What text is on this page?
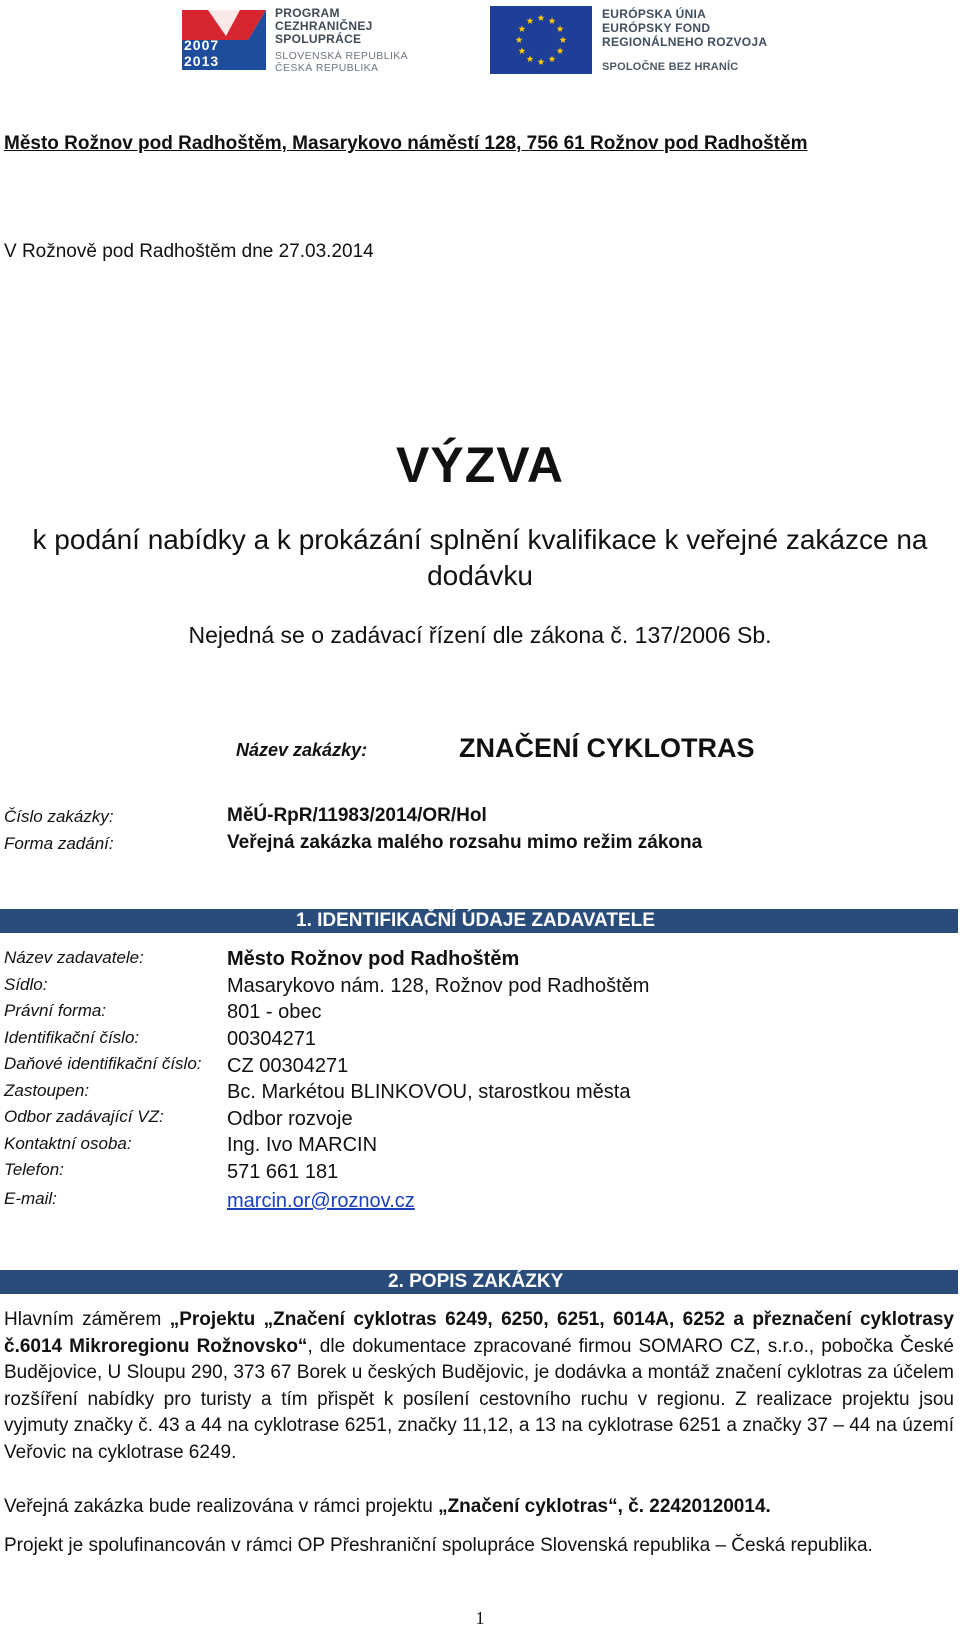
2007
2013
PROGRAM
CEZHRANIČNEJ
SPOLUPRÁCE
SLOVENSKÁ REPUBLIKA
ČESKÁ REPUBLIKA
EURÓPSKA ÚNIA
EURÓPSKY FOND
REGIONÁLNEHO ROZVOJA
SPOLOČNE BEZ HRANÍC
Město Rožnov pod Radhoštěm, Masarykovo náměstí 128, 756 61 Rožnov pod Radhoštěm
V Rožnově pod Radhoštěm dne 27.03.2014
VÝZVA
k podání nabídky a k prokázání splnění kvalifikace k veřejné zakázce na
dodávku
Nejedná se o zadávací řízení dle zákona č. 137/2006 Sb.
Název zakázky:	ZNAČENÍ CYKLOTRAS
Číslo zakázky:	MěÚ-RpR/11983/2014/OR/Hol
Forma zadání:	Veřejná zakázka malého rozsahu mimo režim zákona
1. IDENTIFIKAČNÍ ÚDAJE ZADAVATELE
Název zadavatele:	Město Rožnov pod Radhoštěm
Sídlo:	Masarykovo nám. 128, Rožnov pod Radhoštěm
Právní forma:	801 - obec
Identifikační číslo:	00304271
Daňové identifikační číslo: CZ 00304271
Zastoupen:	Bc. Markétou BLINKOVOU, starostkou města
Odbor zadávající VZ:	Odbor rozvoje
Kontaktní osoba:	Ing. Ivo MARCIN
Telefon:	571 661 181
E-mail:	marcin.or@roznov.cz
2. POPIS ZAKÁZKY
Hlavním záměrem „Projektu „Značení cyklotras 6249, 6250, 6251, 6014A, 6252 a přeznačení cyklotrasy č.6014 Mikroregionu Rožnovsko“, dle dokumentace zpracované firmou SOMARO CZ, s.r.o., pobočka České Budějovice, U Sloupu 290, 373 67 Borek u českých Budějovic, je dodávka a montáž značení cyklotras za účelem rozšíření nabídky pro turisty a tím přispět k posílení cestovního ruchu v regionu. Z realizace projektu jsou vyjmuty značky č. 43 a 44 na cyklotrase 6251, značky 11,12, a 13 na cyklotrase 6251 a značky 37 – 44 na území Veřovic na cyklotrase 6249.
Veřejná zakázka bude realizována v rámci projektu „Značení cyklotras“, č. 22420120014.
Projekt je spolufinancován v rámci OP Přeshraniční spolupráce Slovenská republika – Česká republika.
1
